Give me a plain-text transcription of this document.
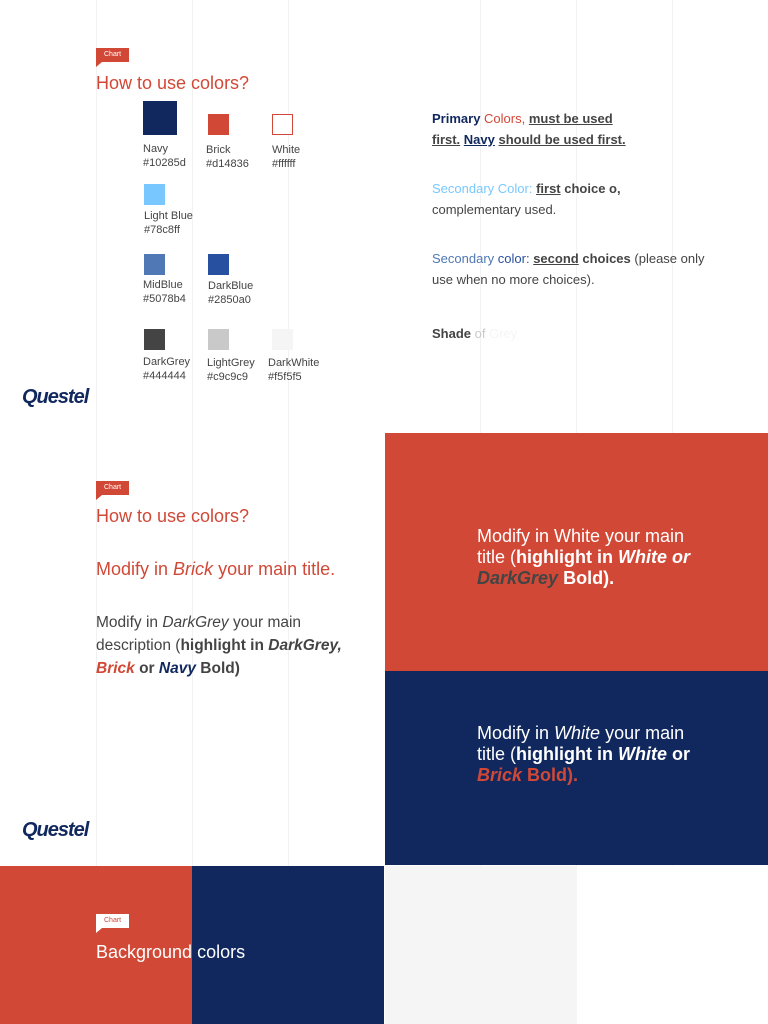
Chart
How to use colors?
Navy
#10285d
Brick
#d14836
White
#ffffff
Light Blue
#78c8ff
MidBlue
#5078b4
DarkBlue
#2850a0
DarkGrey
#444444
LightGrey
#c9c9c9
DarkWhite
#f5f5f5
Primary Colors, must be used
first. Navy should be used first.
Secondary Color: first choice o,
complementary used.
Secondary color: second choices (please only use when no more choices).
Shade of Grey
Questel
Chart
How to use colors?
Modify in Brick your main title.
Modify in DarkGrey your main description (highlight in DarkGrey, Brick or Navy Bold)
Modify in White your main title (highlight in White or DarkGrey Bold).
Modify in White your main title (highlight in White or Brick Bold).
Questel
Chart
Background colors
